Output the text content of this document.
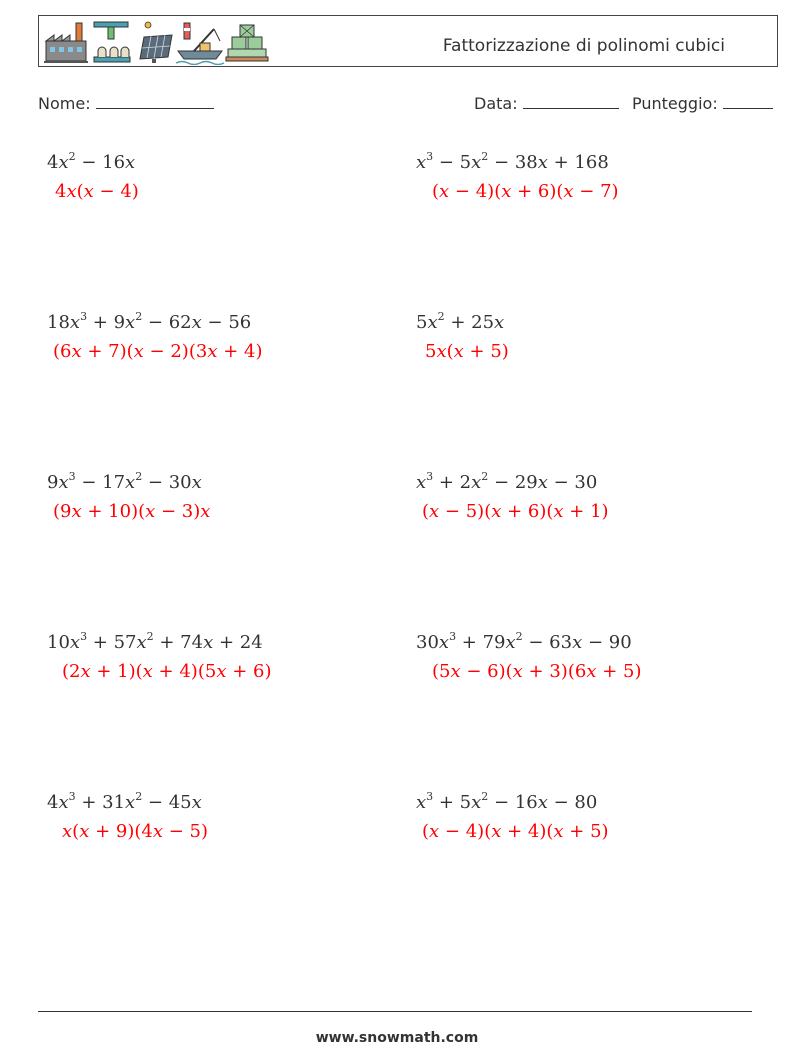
Fattorizzazione di polinomi cubici
Nome:	Data:	Punteggio:
$4x^2 - 16x$
4x(x − 4)
$18x^3 + 9x^2 - 62x - 56$
(6x + 7)(x − 2)(3x + 4)
$9x^3 - 17x^2 - 30x$
(9x + 10)(x − 3)x
$10x^3 + 57x^2 + 74x + 24$
(2x + 1)(x + 4)(5x + 6)
$4x^3 + 31x^2 - 45x$
x(x + 9)(4x − 5)
$x^3 - 5x^2 - 38x + 168$
(x − 4)(x + 6)(x − 7)
$5x^2 + 25x$
5x(x + 5)
$x^3 + 2x^2 - 29x - 30$
(x − 5)(x + 6)(x + 1)
$30x^3 + 79x^2 - 63x - 90$
(5x − 6)(x + 3)(6x + 5)
$x^3 + 5x^2 - 16x - 80$
(x − 4)(x + 4)(x + 5)
www.snowmath.com
